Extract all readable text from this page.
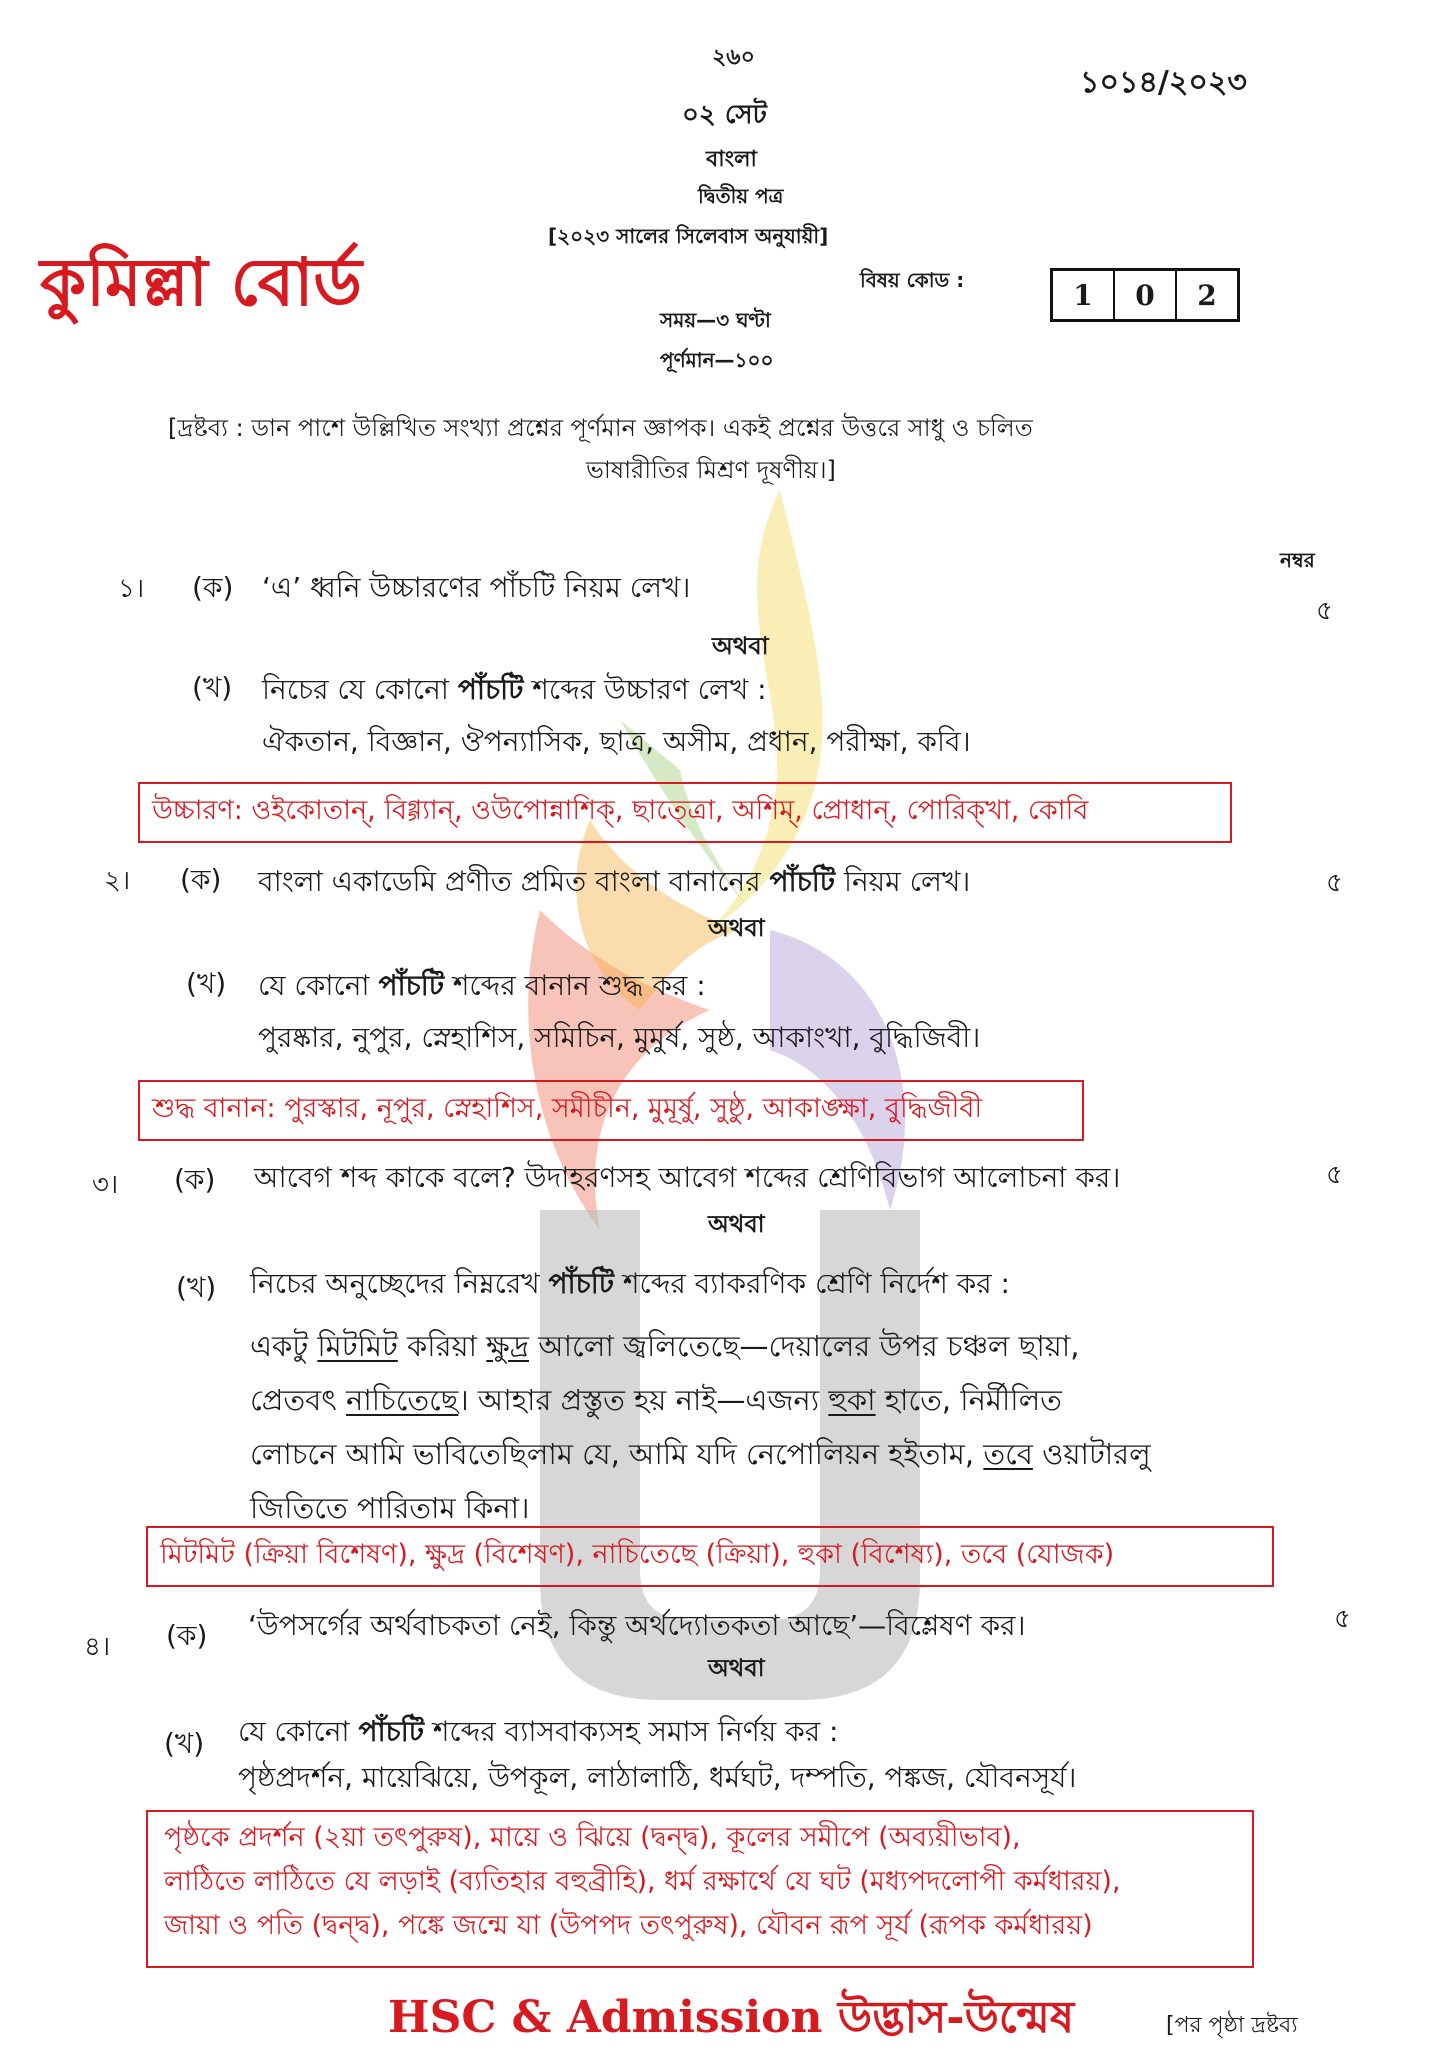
২৬০
১০১৪/২০২৩
০২ সেট
বাংলা
দ্বিতীয় পত্র
[২০২৩ সালের সিলেবাস অনুযায়ী]
কুমিল্লা বোর্ড	বিষয় কোড :	1	0	2
সময়—৩ ঘণ্টা
পূর্ণমান—১০০
[দ্রষ্টব্য : ডান পাশে উল্লিখিত সংখ্যা প্রশ্নের পূর্ণমান জ্ঞাপক। একই প্রশ্নের উত্তরে সাধু ও চলিত
ভাষারীতির মিশ্রণ দূষণীয়।]
নম্বর
১। (ক) ‘এ’ ধ্বনি উচ্চারণের পাঁচটি নিয়ম লেখ।
৫
অথবা
(খ) নিচের যে কোনো পাঁচটি শব্দের উচ্চারণ লেখ :
ঐকতান, বিজ্ঞান, ঔপন্যাসিক, ছাত্র, অসীম, প্রধান, পরীক্ষা, কবি।
উচ্চারণ: ওইকোতান্, বিগ্গ্যান্, ওউপোন্নাশিক্, ছাত্ত্রো, অশিম্, প্রোধান্, পোরিক্খা, কোবি
২। (ক) বাংলা একাডেমি প্রণীত প্রমিত বাংলা বানানের পাঁচটি নিয়ম লেখ।	৫
অথবা
(খ) যে কোনো পাঁচটি শব্দের বানান শুদ্ধ কর :
পুরষ্কার, নুপুর, স্নেহাশিস, সমিচিন, মুমুর্ষ, সুষ্ঠ, আকাংখা, বুদ্ধিজিবী।
শুদ্ধ বানান: পুরস্কার, নূপুর, স্নেহাশিস, সমীচীন, মুমূর্ষু, সুষ্ঠু, আকাঙ্ক্ষা, বুদ্ধিজীবী
৩। (ক) আবেগ শব্দ কাকে বলে? উদাহরণসহ আবেগ শব্দের শ্রেণিবিভাগ আলোচনা কর।	৫
অথবা
(খ) নিচের অনুচ্ছেদের নিম্নরেখ পাঁচটি শব্দের ব্যাকরণিক শ্রেণি নির্দেশ কর :
একটু মিটমিট করিয়া ক্ষুদ্র আলো জ্বলিতেছে—দেয়ালের উপর চঞ্চল ছায়া,
প্রেতবৎ নাচিতেছে। আহার প্রস্তুত হয় নাই—এজন্য হুকা হাতে, নির্মীলিত
লোচনে আমি ভাবিতেছিলাম যে, আমি যদি নেপোলিয়ন হইতাম, তবে ওয়াটারলু
জিতিতে পারিতাম কিনা।
মিটমিট (ক্রিয়া বিশেষণ), ক্ষুদ্র (বিশেষণ), নাচিতেছে (ক্রিয়া), হুকা (বিশেষ্য), তবে (যোজক)
৪। (ক) ‘উপসর্গের অর্থবাচকতা নেই, কিন্তু অর্থদ্যোতকতা আছে’—বিশ্লেষণ কর।	৫
অথবা
(খ) যে কোনো পাঁচটি শব্দের ব্যাসবাক্যসহ সমাস নির্ণয় কর :
পৃষ্ঠপ্রদর্শন, মায়েঝিয়ে, উপকূল, লাঠালাঠি, ধর্মঘট, দম্পতি, পঙ্কজ, যৌবনসূর্য।
পৃষ্ঠকে প্রদর্শন (২য়া তৎপুরুষ), মায়ে ও ঝিয়ে (দ্বন্দ্ব), কূলের সমীপে (অব্যয়ীভাব),
লাঠিতে লাঠিতে যে লড়াই (ব্যতিহার বহুব্রীহি), ধর্ম রক্ষার্থে যে ঘট (মধ্যপদলোপী কর্মধারয়),
জায়া ও পতি (দ্বন্দ্ব), পঙ্কে জন্মে যা (উপপদ তৎপুরুষ), যৌবন রূপ সূর্য (রূপক কর্মধারয়)
HSC & Admission উদ্ভাস-উন্মেষ	[পর পৃষ্ঠা দ্রষ্টব্য
